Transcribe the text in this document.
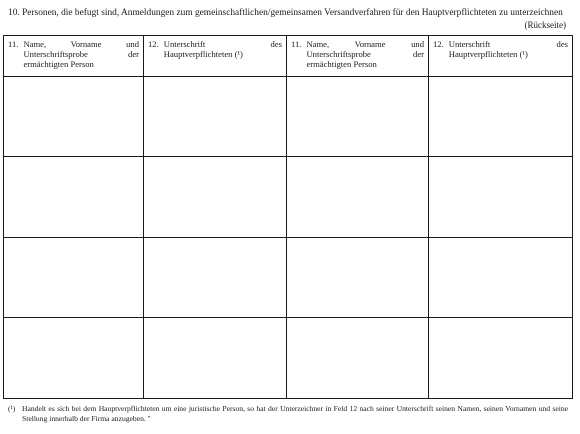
10. Personen, die befugt sind, Anmeldungen zum gemeinschaftlichen/gemeinsamen Versandverfahren für den Hauptverpflichteten zu unterzeichnen
(Rückseite)
11. Name, Vorname und Unterschriftsprobe der ermächtigten Person
12. Unterschrift des Hauptverpflichteten (¹)
11. Name, Vorname und Unterschriftsprobe der ermächtigten Person
12. Unterschrift des Hauptverpflichteten (¹)
(¹) Handelt es sich bei dem Hauptverpflichteten um eine juristische Person, so hat der Unterzeichner in Feld 12 nach seiner Unterschrift seinen Namen, seinen Vornamen und seine Stellung innerhalb der Firma anzugeben. "
